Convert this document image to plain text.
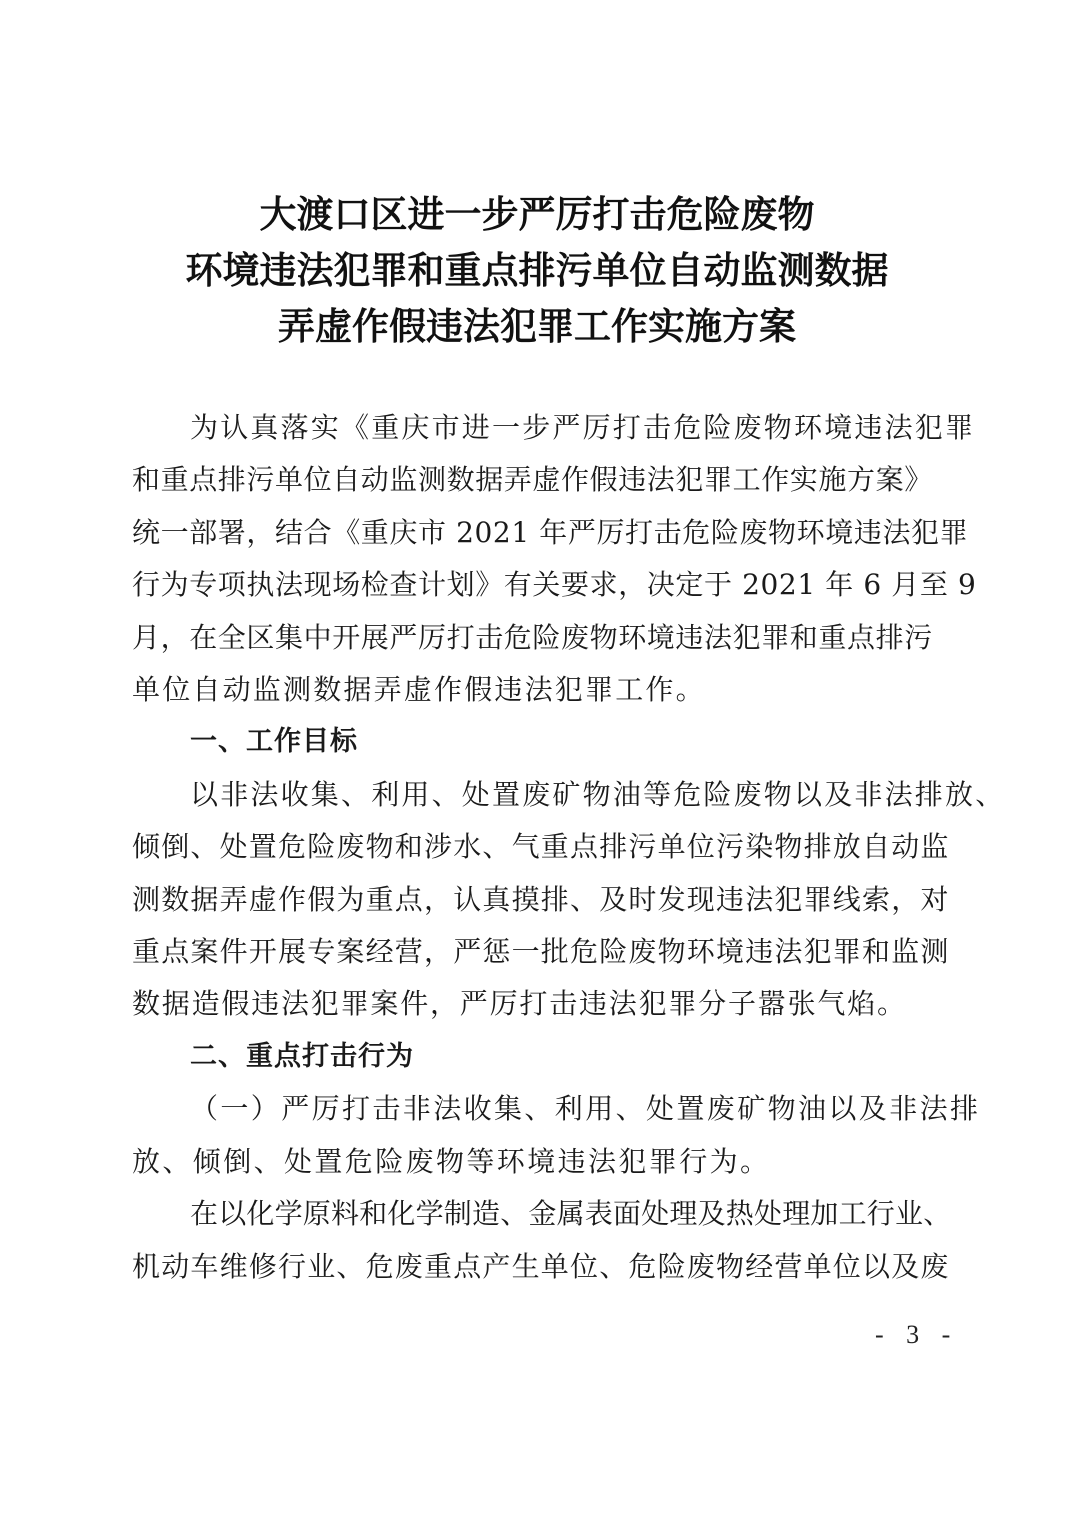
大渡口区进一步严厉打击危险废物
环境违法犯罪和重点排污单位自动监测数据
弄虚作假违法犯罪工作实施方案
为认真落实《重庆市进一步严厉打击危险废物环境违法犯罪
和重点排污单位自动监测数据弄虚作假违法犯罪工作实施方案》
统一部署，结合《重庆市 2021 年严厉打击危险废物环境违法犯罪
行为专项执法现场检查计划》有关要求，决定于 2021 年 6 月至 9
月，在全区集中开展严厉打击危险废物环境违法犯罪和重点排污
单位自动监测数据弄虚作假违法犯罪工作。
一、工作目标
以非法收集、利用、处置废矿物油等危险废物以及非法排放、
倾倒、处置危险废物和涉水、气重点排污单位污染物排放自动监
测数据弄虚作假为重点，认真摸排、及时发现违法犯罪线索，对
重点案件开展专案经营，严惩一批危险废物环境违法犯罪和监测
数据造假违法犯罪案件，严厉打击违法犯罪分子嚣张气焰。
二、重点打击行为
（一）严厉打击非法收集、利用、处置废矿物油以及非法排
放、倾倒、处置危险废物等环境违法犯罪行为。
在以化学原料和化学制造、金属表面处理及热处理加工行业、
机动车维修行业、危废重点产生单位、危险废物经营单位以及废
- 3 -
